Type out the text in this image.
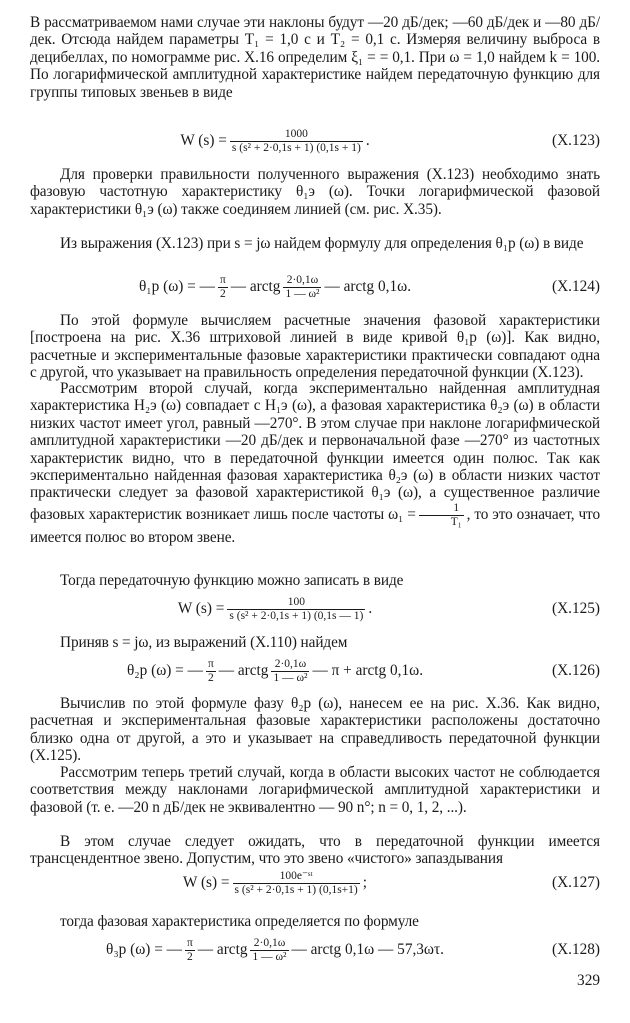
В рассматриваемом нами случае эти наклоны будут —20 дБ/дек; —60 дБ/дек и —80 дБ/дек. Отсюда найдем параметры T₁ = 1,0 с и T₂ = 0,1 с. Измеряя величину выброса в децибеллах, по номограмме рис. X.16 определим ξ₁ = = 0,1. При ω = 1,0 найдем k = 100. По логарифмической амплитудной характеристике найдем передаточную функцию для группы типовых звеньев в виде

W $(s) = \frac{1000}{\text{s (s² + 2·0,1s + 1) (0,1s + 1)}}$ .	(X.123)

Для проверки правильности полученного выражения (X.123) необходимо знать фазовую частотную характеристику θ₁э (ω). Точки логарифмической фазовой характеристики θ₁э (ω) также соединяем линией (см. рис. X.35).

Из выражения (X.123) при s = jω найдем формулу для определения θ₁р (ω) в виде

θ₁р (ω) = — $\frac{\pi}{2}$ — arctg $\frac{2\cdot 0,1\omega}{\text{1 — ω²}}$ — arctg 0,1ω.	(X.124)

По этой формуле вычисляем расчетные значения фазовой характеристики [построена на рис. X.36 штриховой линией в виде кривой θ₁р (ω)]. Как видно, расчетные и экспериментальные фазовые характеристики практически совпадают одна с другой, что указывает на правильность определения передаточной функции (X.123).

Рассмотрим второй случай, когда экспериментально найденная амплитудная характеристика H₂э (ω) совпадает с H₁э (ω), а фазовая характеристика θ₂э (ω) в области низких частот имеет угол, равный —270°. В этом случае при наклоне логарифмической амплитудной характеристики —20 дБ/дек и первоначальной фазе —270° из частотных характеристик видно, что в передаточной функции имеется один полюс. Так как экспериментально найденная фазовая характеристика θ₂э (ω) в области низких частот практически следует за фазовой характеристикой θ₁э (ω), а существенное различие фазовых характеристик возникает лишь после частоты $\omega_1 = \frac{1}{\text{T₁}}$ , то это означает, что имеется полюс во втором звене.

Тогда передаточную функцию можно записать в виде

W $(s) = \frac{100}{\text{s (s² + 2·0,1s + 1) (0,1s — 1)}}$ .	(X.125)

Приняв s = jω, из выражений (X.110) найдем

θ₂р (ω) = — $\frac{\pi}{2}$ — arctg $\frac{2\cdot 0,1\omega}{\text{1 — ω²}}$ — π + arctg 0,1ω.	(X.126)

Вычислив по этой формуле фазу θ₂р (ω), нанесем ее на рис. X.36. Как видно, расчетная и экспериментальная фазовые характеристики расположены достаточно близко одна от другой, а это и указывает на справедливость передаточной функции (X.125).

Рассмотрим теперь третий случай, когда в области высоких частот не соблюдается соответствия между наклонами логарифмической амплитудной характеристики и фазовой (т. е. —20 n дБ/дек не эквивалентно — 90 n°; n = 0, 1, 2, ...).

В этом случае следует ожидать, что в передаточной функции имеется трансцендентное звено. Допустим, что это звено «чистого» запаздывания

W $(s) = \frac{\text{100e⁻ˢᵗ}}{\text{s (s² + 2·0,1s + 1) (0,1s+1)}}$ ;	(X.127)

тогда фазовая характеристика определяется по формуле

θ₃р (ω) = — $\frac{\pi}{2}$ — arctg $\frac{2\cdot 0,1\omega}{\text{1 — ω²}}$ — arctg 0,1ω — 57,3ωτ.	(X.128)
329
